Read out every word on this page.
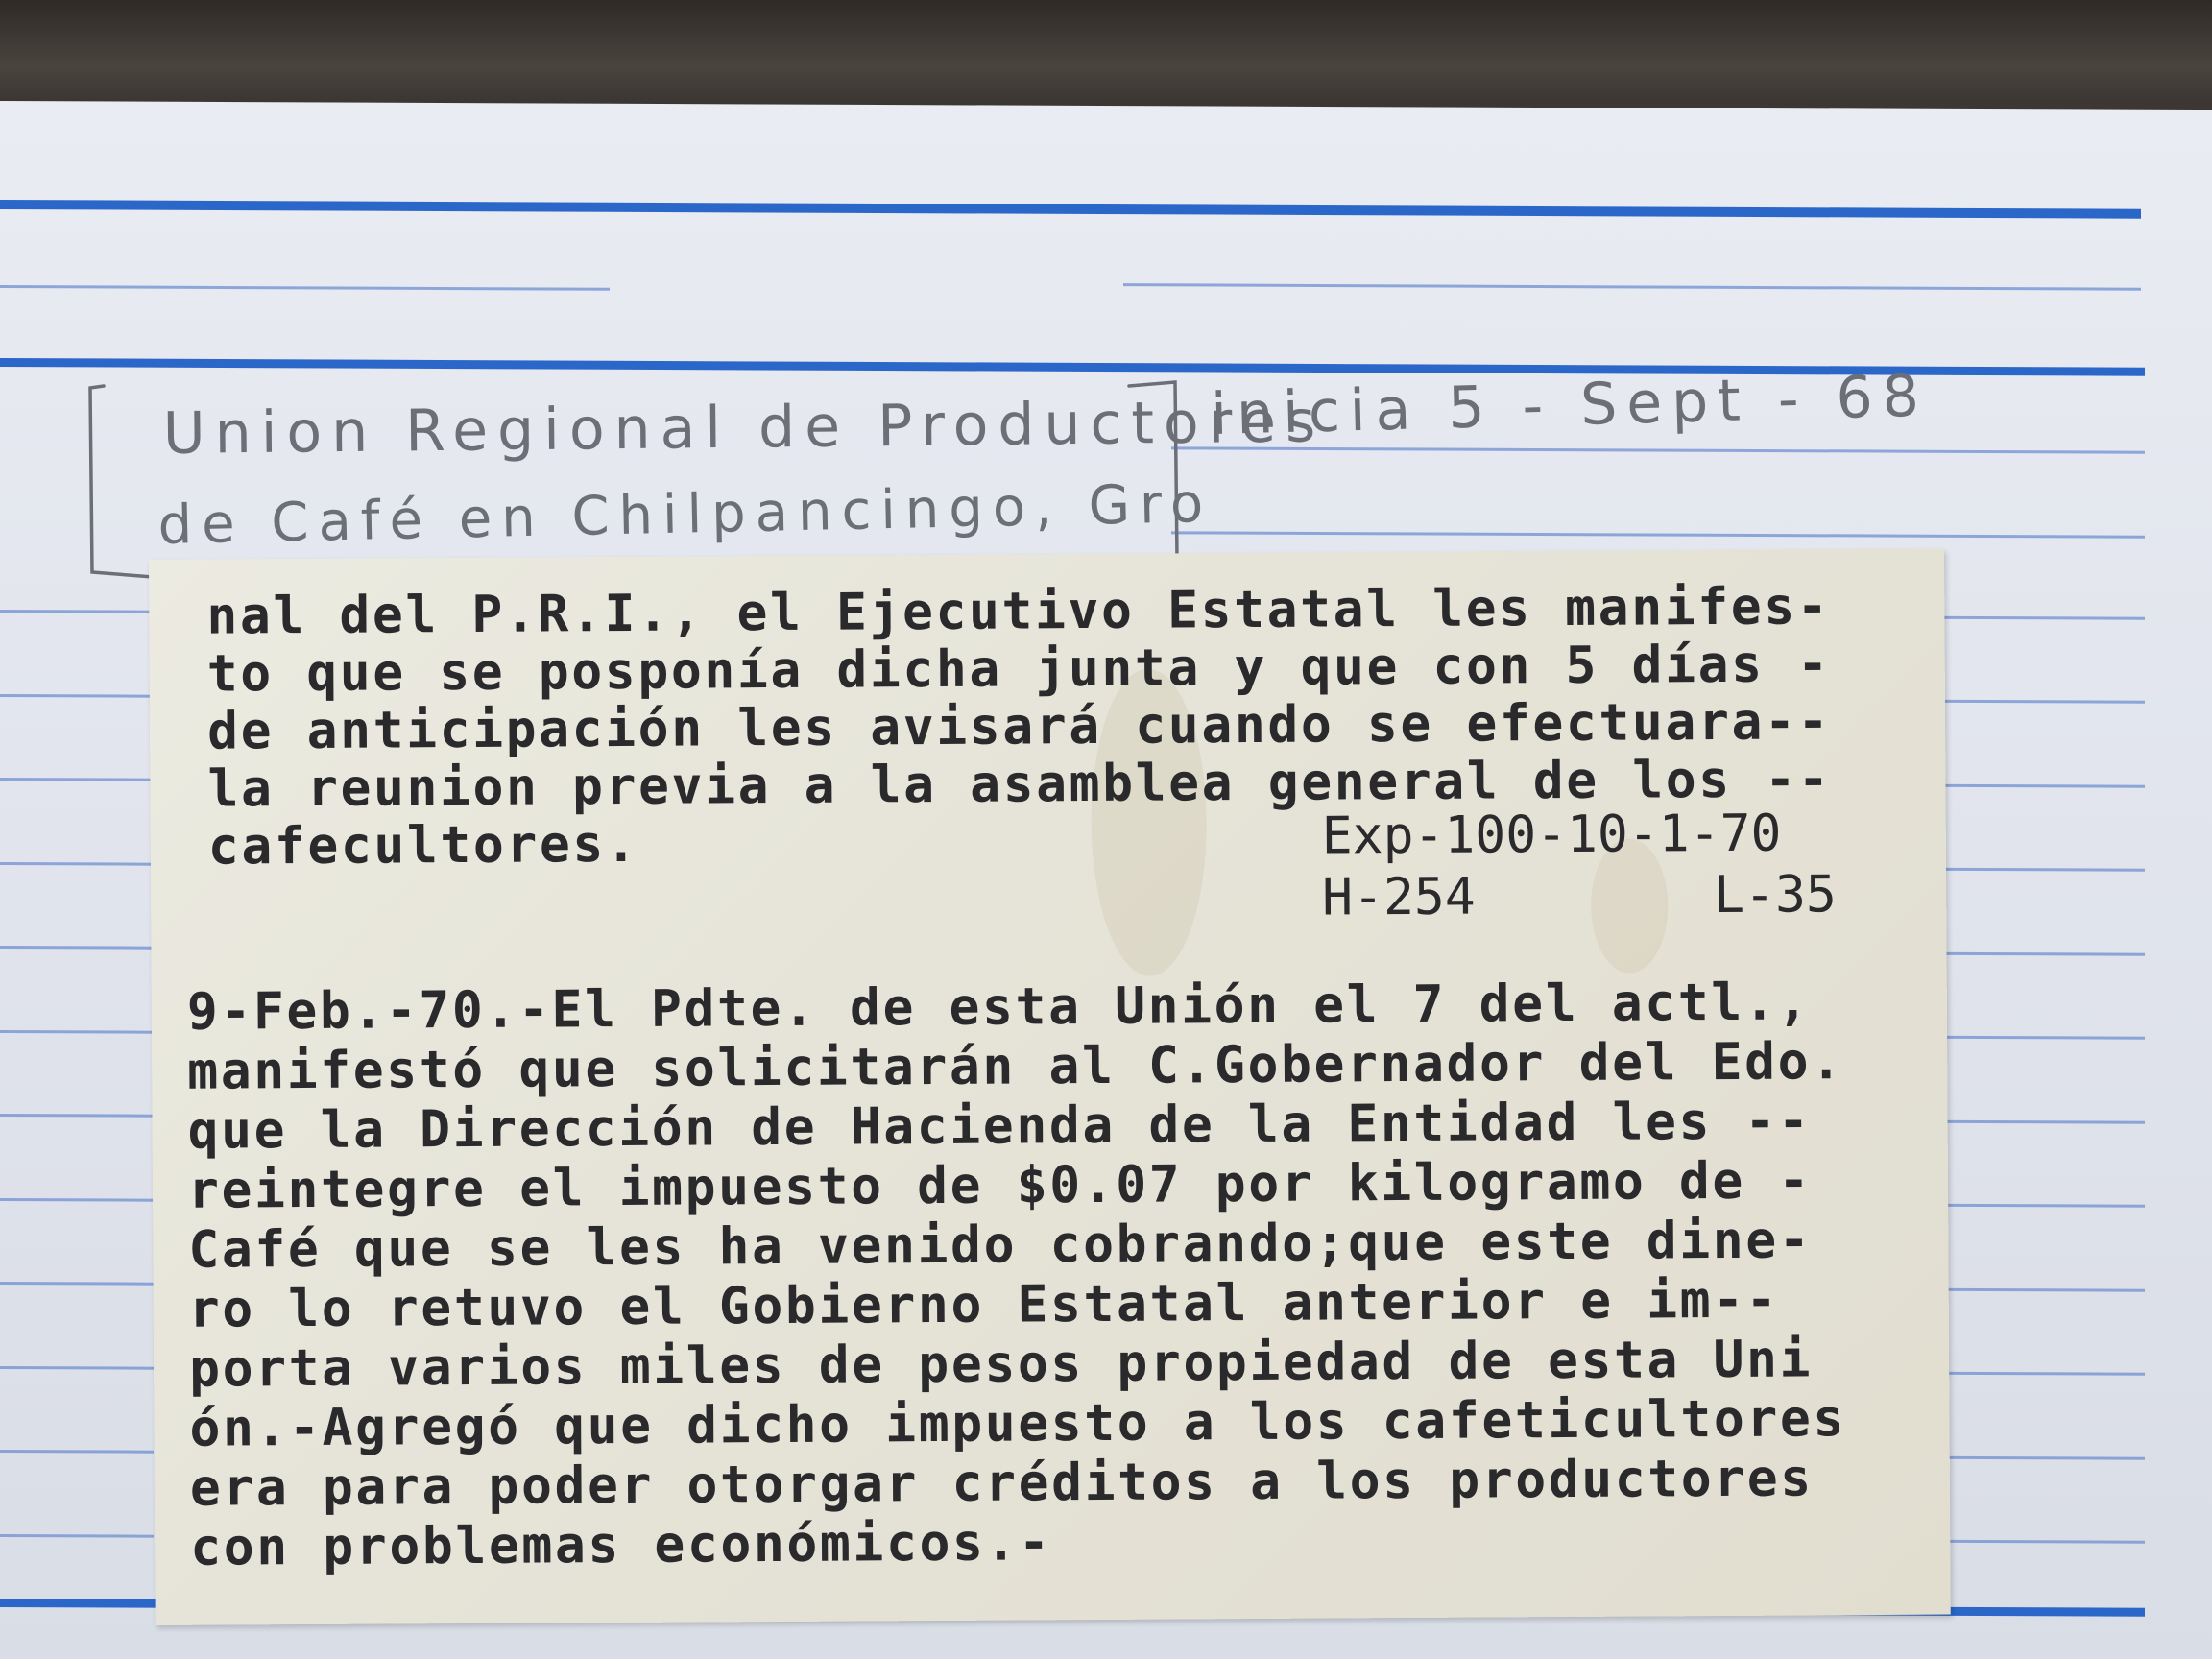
Union Regional de Productores
de Café en Chilpancingo, Gro
inicia 5 - Sept - 68
nal del P.R.I., el Ejecutivo Estatal les manifes-
to que se posponía dicha junta y que con 5 días -
de anticipación les avisará cuando se efectuara--
la reunion previa a la asamblea general de los --
cafecultores.	Exp-100-10-1-70
H-254	L-35
9-Feb.-70.-El Pdte. de esta Unión el 7 del actl.,
manifestó que solicitarán al C.Gobernador del Edo.
que la Dirección de Hacienda de la Entidad les --
reintegre el impuesto de $0.07 por kilogramo de -
Café que se les ha venido cobrando;que este dine-
ro lo retuvo el Gobierno Estatal anterior e im--
porta varios miles de pesos propiedad de esta Uni
ón.-Agregó que dicho impuesto a los cafeticultores
era para poder otorgar créditos a los productores
con problemas económicos.-
